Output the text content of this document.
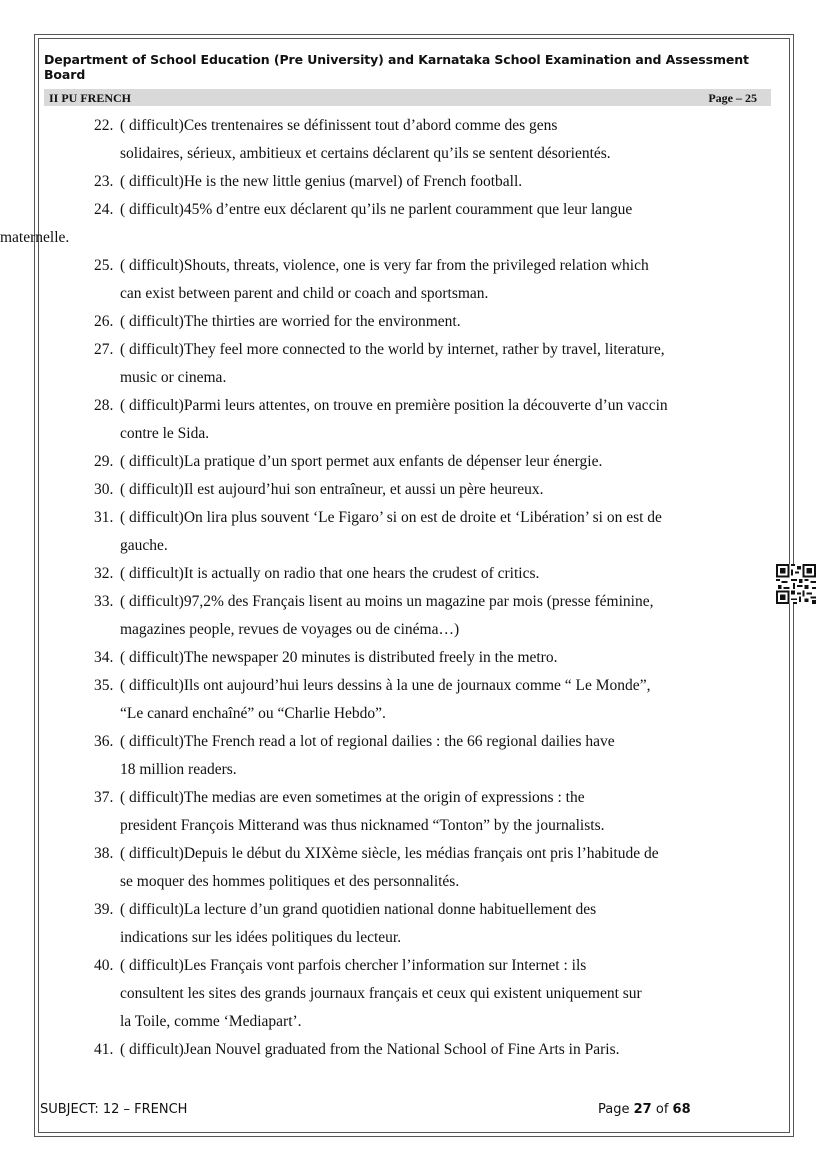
Department of School Education (Pre University) and Karnataka School Examination and Assessment Board
II PU FRENCH	Page – 25
22. ( difficult)Ces trentenaires se définissent tout d’abord comme des gens
solidaires, sérieux, ambitieux et certains déclarent qu’ils se sentent désorientés.
23. ( difficult)He is the new little genius (marvel) of French football.
24. ( difficult)45% d’entre eux déclarent qu’ils ne parlent couramment que leur langue
maternelle.
25. ( difficult)Shouts, threats, violence, one is very far from the privileged relation which
can exist between parent and child or coach and sportsman.
26. ( difficult)The thirties are worried for the environment.
27. ( difficult)They feel more connected to the world by internet, rather by travel, literature,
music or cinema.
28. ( difficult)Parmi leurs attentes, on trouve en première position la découverte d’un vaccin
contre le Sida.
29. ( difficult)La pratique d’un sport permet aux enfants de dépenser leur énergie.
30. ( difficult)Il est aujourd’hui son entraîneur, et aussi un père heureux.
31. ( difficult)On lira plus souvent ‘Le Figaro’ si on est de droite et ‘Libération’ si on est de
gauche.
32. ( difficult)It is actually on radio that one hears the crudest of critics.
33. ( difficult)97,2% des Français lisent au moins un magazine par mois (presse féminine,
magazines people, revues de voyages ou de cinéma…)
34. ( difficult)The newspaper 20 minutes is distributed freely in the metro.
35. ( difficult)Ils ont aujourd’hui leurs dessins à la une de journaux comme “ Le Monde”,
“Le canard enchaîné” ou “Charlie Hebdo”.
36. ( difficult)The French read a lot of regional dailies : the 66 regional dailies have
18 million readers.
37. ( difficult)The medias are even sometimes at the origin of expressions : the
president François Mitterand was thus nicknamed “Tonton” by the journalists.
38. ( difficult)Depuis le début du XIXème siècle, les médias français ont pris l’habitude de
se moquer des hommes politiques et des personnalités.
39. ( difficult)La lecture d’un grand quotidien national donne habituellement des
indications sur les idées politiques du lecteur.
40. ( difficult)Les Français vont parfois chercher l’information sur Internet : ils
consultent les sites des grands journaux français et ceux qui existent uniquement sur
la Toile, comme ‘Mediapart’.
41. ( difficult)Jean Nouvel graduated from the National School of Fine Arts in Paris.
SUBJECT: 12 – FRENCH	Page 27 of 68
